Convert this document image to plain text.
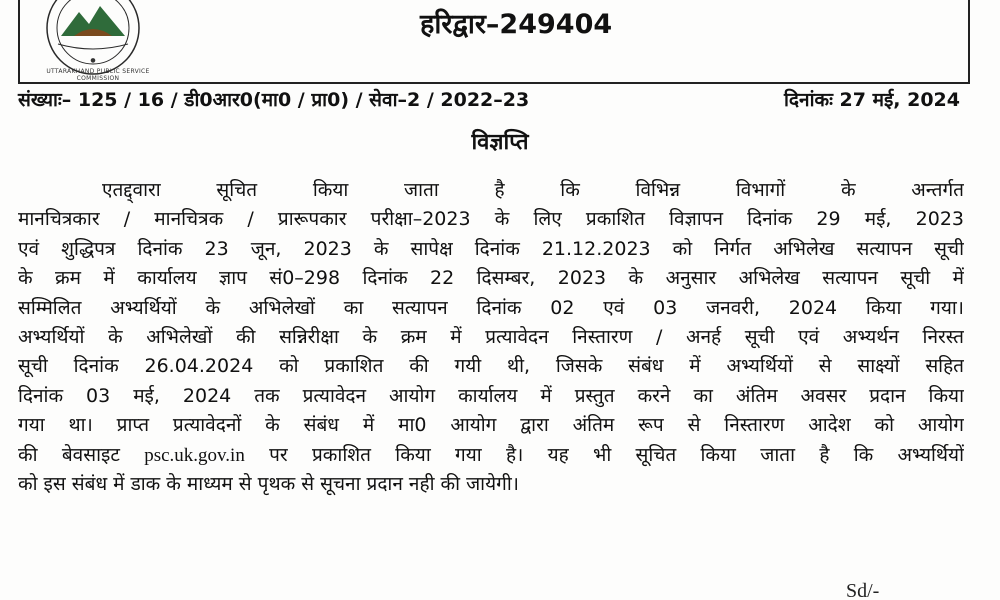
●
UTTARAKHAND PUBLIC SERVICE COMMISSION
हरिद्वार–249404
संख्याः– 125 / 16 / डी0आर0(मा0 / प्रा0) / सेवा–2 / 2022–23	दिनांकः 27 मई, 2024
विज्ञप्ति
एतद्द्वारा सूचित किया जाता है कि विभिन्न विभागों के अन्तर्गत
मानचित्रकार / मानचित्रक / प्रारूपकार परीक्षा–2023 के लिए प्रकाशित विज्ञापन दिनांक 29 मई, 2023
एवं शुद्धिपत्र दिनांक 23 जून, 2023 के सापेक्ष दिनांक 21.12.2023 को निर्गत अभिलेख सत्यापन सूची
के क्रम में कार्यालय ज्ञाप सं0–298 दिनांक 22 दिसम्बर, 2023 के अनुसार अभिलेख सत्यापन सूची में
सम्मिलित अभ्यर्थियों के अभिलेखों का सत्यापन दिनांक 02 एवं 03 जनवरी, 2024 किया गया।
अभ्यर्थियों के अभिलेखों की सन्निरीक्षा के क्रम में प्रत्यावेदन निस्तारण / अनर्ह सूची एवं अभ्यर्थन निरस्त
सूची दिनांक 26.04.2024 को प्रकाशित की गयी थी, जिसके संबंध में अभ्यर्थियों से साक्ष्यों सहित
दिनांक 03 मई, 2024 तक प्रत्यावेदन आयोग कार्यालय में प्रस्तुत करने का अंतिम अवसर प्रदान किया
गया था। प्राप्त प्रत्यावेदनों के संबंध में मा0 आयोग द्वारा अंतिम रूप से निस्तारण आदेश को आयोग
की बेवसाइट psc.uk.gov.in पर प्रकाशित किया गया है। यह भी सूचित किया जाता है कि अभ्यर्थियों
को इस संबंध में डाक के माध्यम से पृथक से सूचना प्रदान नही की जायेगी।
Sd/-
